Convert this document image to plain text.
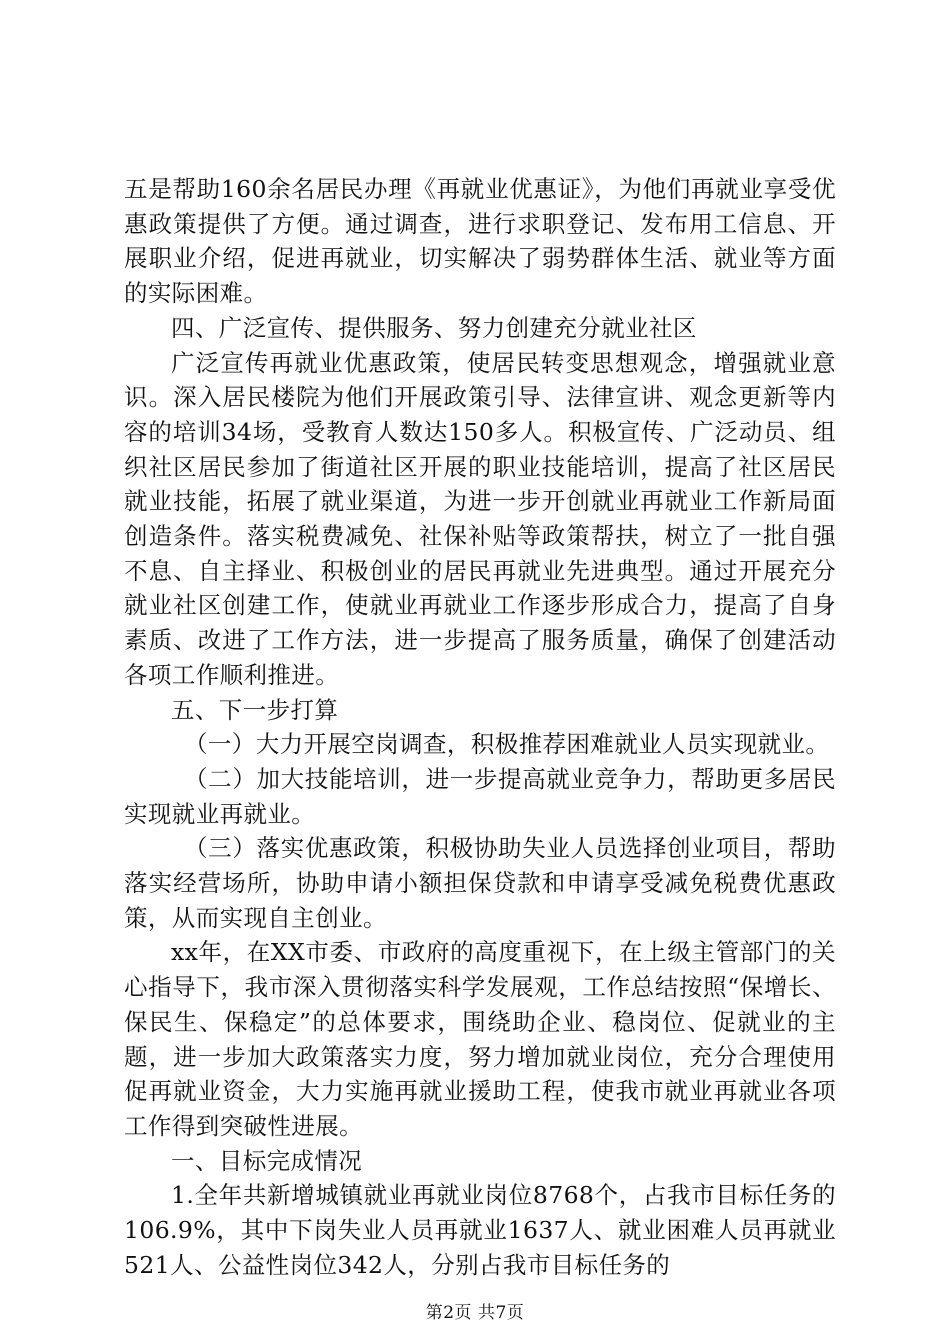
五是帮助160余名居民办理《再就业优惠证》，为他们再就业享受优惠政策提供了方便。通过调查，进行求职登记、发布用工信息、开展职业介绍，促进再就业，切实解决了弱势群体生活、就业等方面的实际困难。

四、广泛宣传、提供服务、努力创建充分就业社区

广泛宣传再就业优惠政策，使居民转变思想观念，增强就业意识。深入居民楼院为他们开展政策引导、法律宣讲、观念更新等内容的培训34场，受教育人数达150多人。积极宣传、广泛动员、组织社区居民参加了街道社区开展的职业技能培训，提高了社区居民就业技能，拓展了就业渠道，为进一步开创就业再就业工作新局面创造条件。落实税费减免、社保补贴等政策帮扶，树立了一批自强不息、自主择业、积极创业的居民再就业先进典型。通过开展充分就业社区创建工作，使就业再就业工作逐步形成合力，提高了自身素质、改进了工作方法，进一步提高了服务质量，确保了创建活动各项工作顺利推进。

五、下一步打算

（一）大力开展空岗调查，积极推荐困难就业人员实现就业。

（二）加大技能培训，进一步提高就业竞争力，帮助更多居民实现就业再就业。

（三）落实优惠政策，积极协助失业人员选择创业项目，帮助落实经营场所，协助申请小额担保贷款和申请享受减免税费优惠政策，从而实现自主创业。

xx年，在XX市委、市政府的高度重视下，在上级主管部门的关心指导下，我市深入贯彻落实科学发展观，工作总结按照“保增长、保民生、保稳定”的总体要求，围绕助企业、稳岗位、促就业的主题，进一步加大政策落实力度，努力增加就业岗位，充分合理使用促再就业资金，大力实施再就业援助工程，使我市就业再就业各项工作得到突破性进展。

一、目标完成情况

1.全年共新增城镇就业再就业岗位8768个，占我市目标任务的106.9%，其中下岗失业人员再就业1637人、就业困难人员再就业521人、公益性岗位342人，分别占我市目标任务的

第2页 共7页
